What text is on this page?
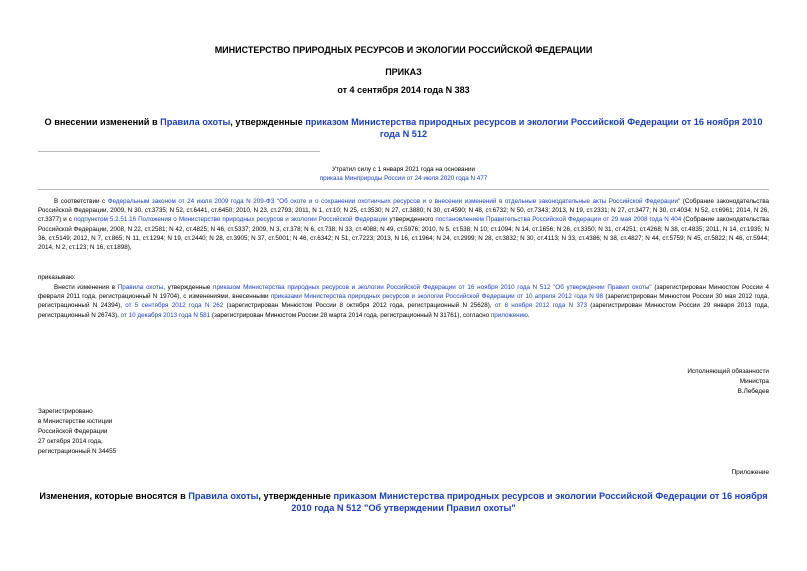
МИНИСТЕРСТВО ПРИРОДНЫХ РЕСУРСОВ И ЭКОЛОГИИ РОССИЙСКОЙ ФЕДЕРАЦИИ
ПРИКАЗ
от 4 сентября 2014 года N 383
О внесении изменений в Правила охоты, утвержденные приказом Министерства природных ресурсов и экологии Российской Федерации от 16 ноября 2010 года N 512
Утратил силу с 1 января 2021 года на основании
приказа Минприроды России от 24 июля 2020 года N 477
В соответствии с Федеральным законом от 24 июля 2009 года N 209-ФЗ "Об охоте и о сохранении охотничьих ресурсов и о внесении изменений в отдельные законодательные акты Российской Федерации" (Собрание законодательства Российской Федерации, 2009, N 30, ст.3735; N 52, ст.6441, ст.6450; 2010, N 23, ст.2793; 2011, N 1, ст.10; N 25, ст.3530; N 27, ст.3880; N 30, ст.4590; N 48, ст.6732; N 50, ст.7343; 2013, N 19, ст.2331; N 27, ст.3477; N 30, ст.4034; N 52, ст.6961; 2014, N 26, ст.3377) и с подпунктом 5.2.51.16 Положения о Министерстве природных ресурсов и экологии Российской Федерации утвержденного постановлением Правительства Российской Федерации от 29 мая 2008 года N 404 (Собрание законодательства Российской Федерации, 2008, N 22, ст.2581; N 42, ст.4825; N 46, ст.5337; 2009, N 3, ст.378; N 6, ст.738; N 33, ст.4088; N 49, ст.5976; 2010, N 5, ст.538; N 10, ст.1094; N 14, ст.1656; N 26, ст.3350; N 31, ст.4251; ст.4268; N 38, ст.4835; 2011, N 14, ст.1935; N 36, ст.5149; 2012, N 7, ст.865; N 11, ст.1294; N 19, ст.2440; N 28, ст.3905; N 37, ст.5001; N 46, ст.6342; N 51, ст.7223; 2013, N 16, ст.1964; N 24, ст.2999; N 28, ст.3832; N 30, ст.4113; N 33, ст.4386; N 38, ст.4827; N 44, ст.5759; N 45, ст.5822; N 46, ст.5944; 2014, N 2, ст.123; N 16, ст.1898),
приказываю:
Внести изменения в Правила охоты, утвержденные приказом Министерства природных ресурсов и экологии Российской Федерации от 16 ноября 2010 года N 512 "Об утверждении Правил охоты" (зарегистрирован Минюстом России 4 февраля 2011 года, регистрационный N 19704), с изменениями, внесенными приказами Министерства природных ресурсов и экологии Российской Федерации от 10 апреля 2012 года N 98 (зарегистрирован Минюстом России 30 мая 2012 года, регистрационный N 24394), от 5 сентября 2012 года N 262 (зарегистрирован Минюстом России 8 октября 2012 года, регистрационный N 25628), от 8 ноября 2012 года N 373 (зарегистрирован Минюстом России 29 января 2013 года, регистрационный N 26743), от 10 декабря 2013 года N 581 (зарегистрирован Минюстом России 28 марта 2014 года, регистрационный N 31761), согласно приложению.
Исполняющий обязанности
Министра
В.Лебедев
Зарегистрировано
в Министерстве юстиции
Российской Федерации
27 октября 2014 года,
регистрационный N 34455
Приложение
Изменения, которые вносятся в Правила охоты, утвержденные приказом Министерства природных ресурсов и экологии Российской Федерации от 16 ноября 2010 года N 512 "Об утверждении Правил охоты"
